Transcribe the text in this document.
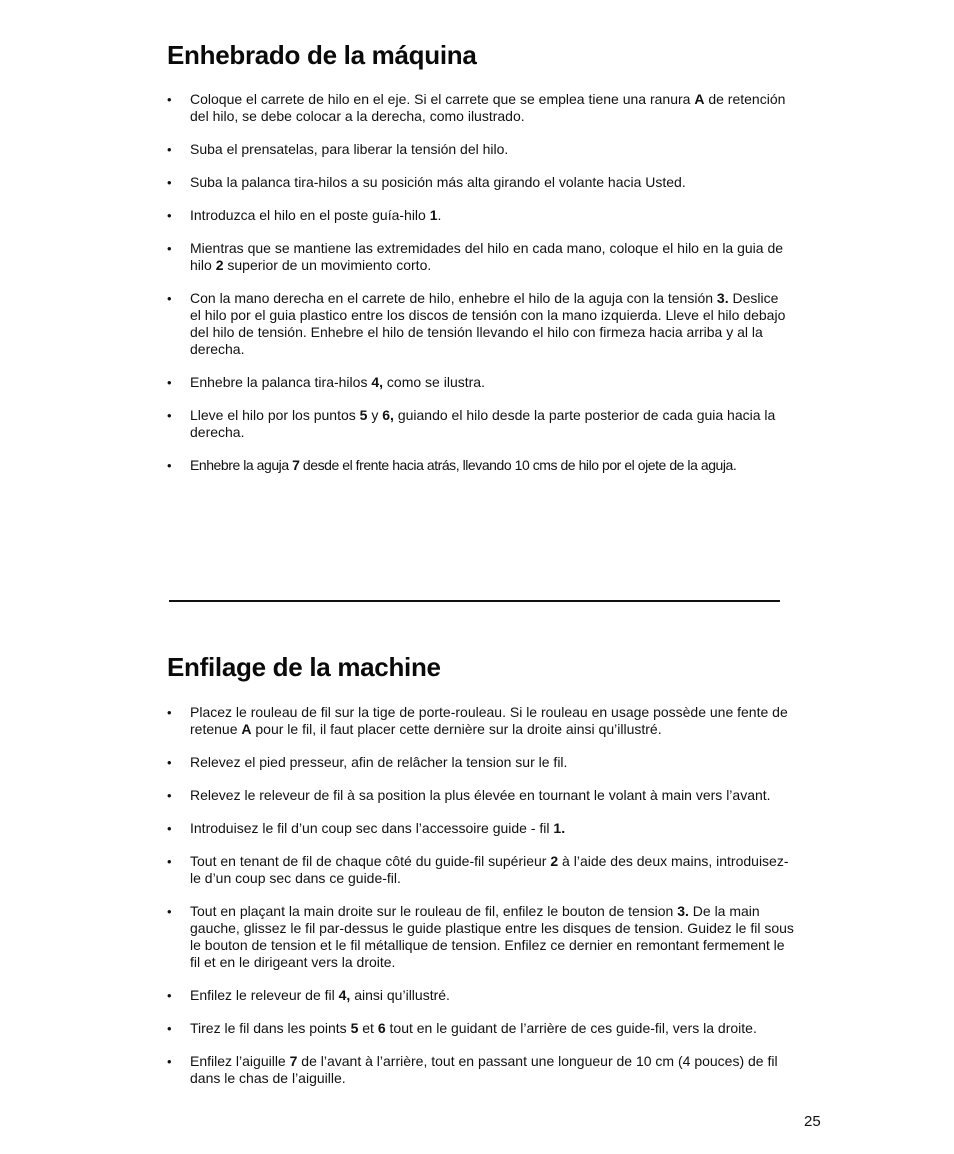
Enhebrado de la máquina
• Coloque el carrete de hilo en el eje. Si el carrete que se emplea tiene una ranura A de retención del hilo, se debe colocar a la derecha, como ilustrado.
• Suba el prensatelas, para liberar la tensión del hilo.
• Suba la palanca tira-hilos a su posición más alta girando el volante hacia Usted.
• Introduzca el hilo en el poste guía-hilo 1.
• Mientras que se mantiene las extremidades del hilo en cada mano, coloque el hilo en la guia de hilo 2 superior de un movimiento corto.
• Con la mano derecha en el carrete de hilo, enhebre el hilo de la aguja con la tensión 3. Deslice el hilo por el guia plastico entre los discos de tensión con la mano izquierda. Lleve el hilo debajo del hilo de tensión. Enhebre el hilo de tensión llevando el hilo con firmeza hacia arriba y al la derecha.
• Enhebre la palanca tira-hilos 4, como se ilustra.
• Lleve el hilo por los puntos 5 y 6, guiando el hilo desde la parte posterior de cada guia hacia la derecha.
• Enhebre la aguja 7 desde el frente hacia atrás, llevando 10 cms de hilo por el ojete de la aguja.
Enfilage de la machine
• Placez le rouleau de fil sur la tige de porte-rouleau. Si le rouleau en usage possède une fente de retenue A pour le fil, il faut placer cette dernière sur la droite ainsi qu’illustré.
• Relevez el pied presseur, afin de relâcher la tension sur le fil.
• Relevez le releveur de fil à sa position la plus élevée en tournant le volant à main vers l’avant.
• Introduisez le fil d’un coup sec dans l’accessoire guide - fil 1.
• Tout en tenant de fil de chaque côté du guide-fil supérieur 2 à l’aide des deux mains, introduisez-le d’un coup sec dans ce guide-fil.
• Tout en plaçant la main droite sur le rouleau de fil, enfilez le bouton de tension 3. De la main gauche, glissez le fil par-dessus le guide plastique entre les disques de tension. Guidez le fil sous le bouton de tension et le fil métallique de tension. Enfilez ce dernier en remontant fermement le fil et en le dirigeant vers la droite.
• Enfilez le releveur de fil 4, ainsi qu’illustré.
• Tirez le fil dans les points 5 et 6 tout en le guidant de l’arrière de ces guide-fil, vers la droite.
• Enfilez l’aiguille 7 de l’avant à l’arrière, tout en passant une longueur de 10 cm (4 pouces) de fil dans le chas de l’aiguille.
25
